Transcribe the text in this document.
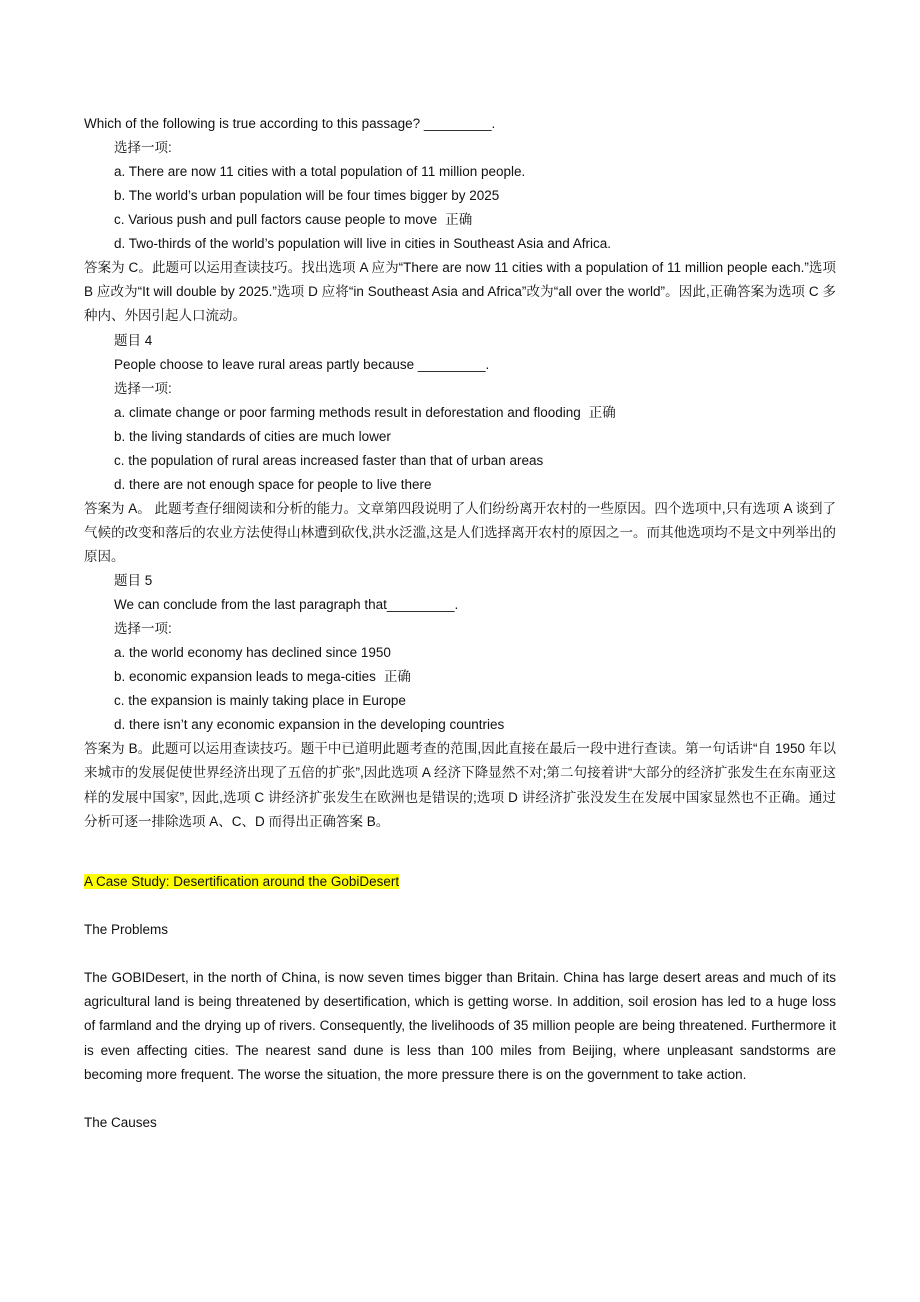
Which of the following is true according to this passage? _________.
选择一项:
a. There are now 11 cities with a total population of 11 million people.
b. The world’s urban population will be four times bigger by 2025
c. Various push and pull factors cause people to move 正确
d. Two-thirds of the world’s population will live in cities in Southeast Asia and Africa.
答案为 C。此题可以运用查读技巧。找出选项 A 应为“There are now 11 cities with a population of 11 million people each.”选项 B 应改为“It will double by 2025.”选项 D 应将“in Southeast Asia and Africa”改为“all over the world”。因此,正确答案为选项 C 多种内、外因引起人口流动。
题目 4
People choose to leave rural areas partly because _________.
选择一项:
a. climate change or poor farming methods result in deforestation and flooding 正确
b. the living standards of cities are much lower
c. the population of rural areas increased faster than that of urban areas
d. there are not enough space for people to live there
答案为 A。 此题考查仔细阅读和分析的能力。文章第四段说明了人们纷纷离开农村的一些原因。四个选项中,只有选项 A 谈到了气候的改变和落后的农业方法使得山林遭到砍伐,洪水泛滥,这是人们选择离开农村的原因之一。而其他选项均不是文中列举出的原因。
题目 5
We can conclude from the last paragraph that_________.
选择一项:
a. the world economy has declined since 1950
b. economic expansion leads to mega-cities 正确
c. the expansion is mainly taking place in Europe
d. there isn’t any economic expansion in the developing countries
答案为 B。此题可以运用查读技巧。题干中已道明此题考查的范围,因此直接在最后一段中进行查读。第一句话讲“自 1950 年以来城市的发展促使世界经济出现了五倍的扩张”,因此选项 A 经济下降显然不对;第二句接着讲“大部分的经济扩张发生在东南亚这样的发展中国家”, 因此,选项 C 讲经济扩张发生在欧洲也是错误的;选项 D 讲经济扩张没发生在发展中国家显然也不正确。通过分析可逐一排除选项 A、C、D 而得出正确答案 B。
A Case Study: Desertification around the GobiDesert
The Problems
The GOBIDesert, in the north of China, is now seven times bigger than Britain. China has large desert areas and much of its agricultural land is being threatened by desertification, which is getting worse. In addition, soil erosion has led to a huge loss of farmland and the drying up of rivers. Consequently, the livelihoods of 35 million people are being threatened. Furthermore it is even affecting cities. The nearest sand dune is less than 100 miles from Beijing, where unpleasant sandstorms are becoming more frequent. The worse the situation, the more pressure there is on the government to take action.
The Causes
